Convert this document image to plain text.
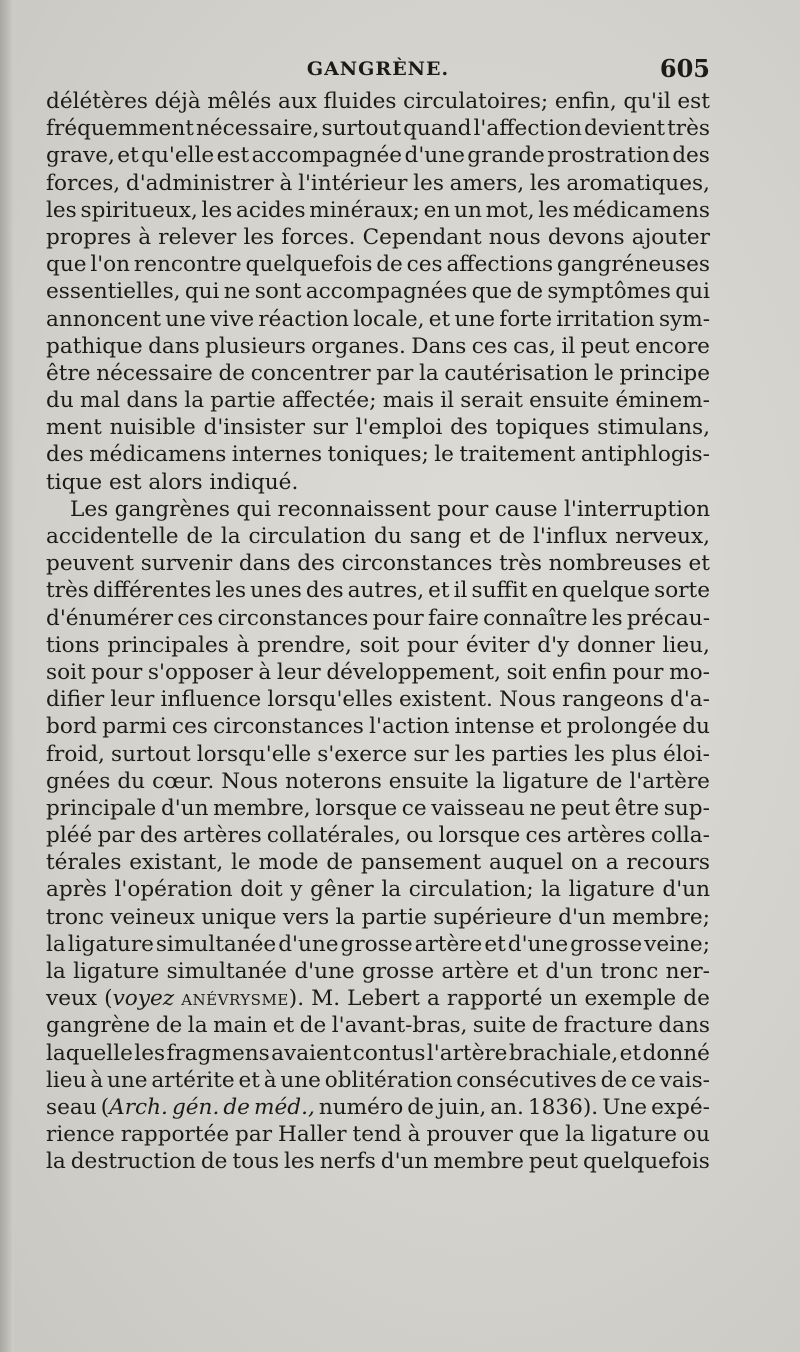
GANGRÈNE.	605
délétères déjà mêlés aux fluides circulatoires; enfin, qu'il est
fréquemment nécessaire, surtout quand l'affection devient très
grave, et qu'elle est accompagnée d'une grande prostration des
forces, d'administrer à l'intérieur les amers, les aromatiques,
les spiritueux, les acides minéraux; en un mot, les médicamens
propres à relever les forces. Cependant nous devons ajouter
que l'on rencontre quelquefois de ces affections gangréneuses
essentielles, qui ne sont accompagnées que de symptômes qui
annoncent une vive réaction locale, et une forte irritation sym-
pathique dans plusieurs organes. Dans ces cas, il peut encore
être nécessaire de concentrer par la cautérisation le principe
du mal dans la partie affectée; mais il serait ensuite éminem-
ment nuisible d'insister sur l'emploi des topiques stimulans,
des médicamens internes toniques; le traitement antiphlogis-
tique est alors indiqué.
Les gangrènes qui reconnaissent pour cause l'interruption
accidentelle de la circulation du sang et de l'influx nerveux,
peuvent survenir dans des circonstances très nombreuses et
très différentes les unes des autres, et il suffit en quelque sorte
d'énumérer ces circonstances pour faire connaître les précau-
tions principales à prendre, soit pour éviter d'y donner lieu,
soit pour s'opposer à leur développement, soit enfin pour mo-
difier leur influence lorsqu'elles existent. Nous rangeons d'a-
bord parmi ces circonstances l'action intense et prolongée du
froid, surtout lorsqu'elle s'exerce sur les parties les plus éloi-
gnées du cœur. Nous noterons ensuite la ligature de l'artère
principale d'un membre, lorsque ce vaisseau ne peut être sup-
pléé par des artères collatérales, ou lorsque ces artères colla-
térales existant, le mode de pansement auquel on a recours
après l'opération doit y gêner la circulation; la ligature d'un
tronc veineux unique vers la partie supérieure d'un membre;
la ligature simultanée d'une grosse artère et d'une grosse veine;
la ligature simultanée d'une grosse artère et d'un tronc ner-
veux (voyez ANÉVRYSME). M. Lebert a rapporté un exemple de
gangrène de la main et de l'avant-bras, suite de fracture dans
laquelle les fragmens avaient contus l'artère brachiale, et donné
lieu à une artérite et à une oblitération consécutives de ce vais-
seau (Arch. gén. de méd., numéro de juin, an. 1836). Une expé-
rience rapportée par Haller tend à prouver que la ligature ou
la destruction de tous les nerfs d'un membre peut quelquefois
